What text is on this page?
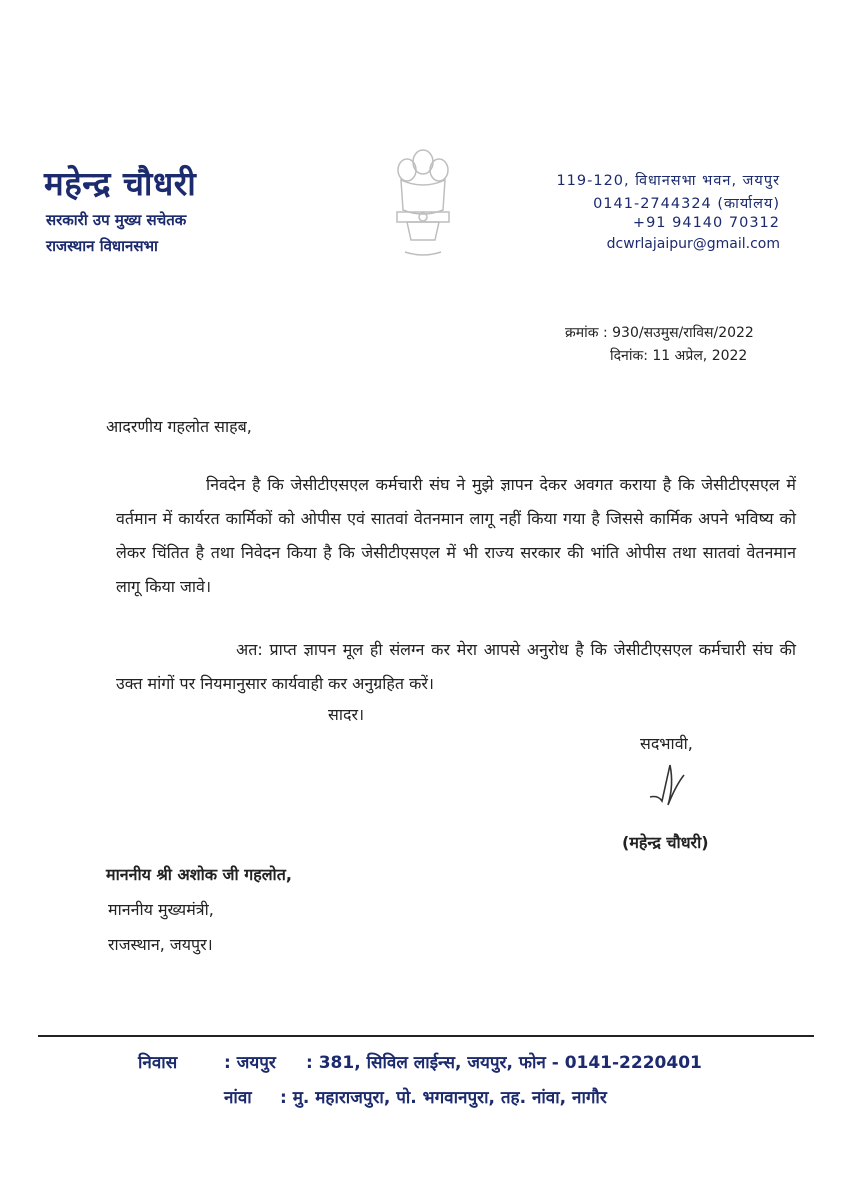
महेन्द्र चौधरी
सरकारी उप मुख्य सचेतक
राजस्थान विधानसभा
119-120, विधानसभा भवन, जयपुर
0141-2744324 (कार्यालय)
+91 94140 70312
dcwrlajaipur@gmail.com
क्रमांक : 930/सउमुस/राविस/2022
दिनांक: 11 अप्रेल, 2022
आदरणीय गहलोत साहब,
निवदेन है कि जेसीटीएसएल कर्मचारी संघ ने मुझे ज्ञापन देकर अवगत कराया है कि जेसीटीएसएल में वर्तमान में कार्यरत कार्मिकों को ओपीस एवं सातवां वेतनमान लागू नहीं किया गया है जिससे कार्मिक अपने भविष्य को लेकर चिंतित है तथा निवेदन किया है कि जेसीटीएसएल में भी राज्य सरकार की भांति ओपीस तथा सातवां वेतनमान लागू किया जावे।
अत: प्राप्त ज्ञापन मूल ही संलग्न कर मेरा आपसे अनुरोध है कि जेसीटीएसएल कर्मचारी संघ की उक्त मांगों पर नियमानुसार कार्यवाही कर अनुग्रहित करें।
सादर।
सदभावी,
(महेन्द्र चौधरी)
माननीय श्री अशोक जी गहलोत,
माननीय मुख्यमंत्री,
राजस्थान, जयपुर।
निवास	: जयपुर : 381, सिविल लाईन्स, जयपुर, फोन - 0141-2220401
नांवा : मु. महाराजपुरा, पो. भगवानपुरा, तह. नांवा, नागौर
